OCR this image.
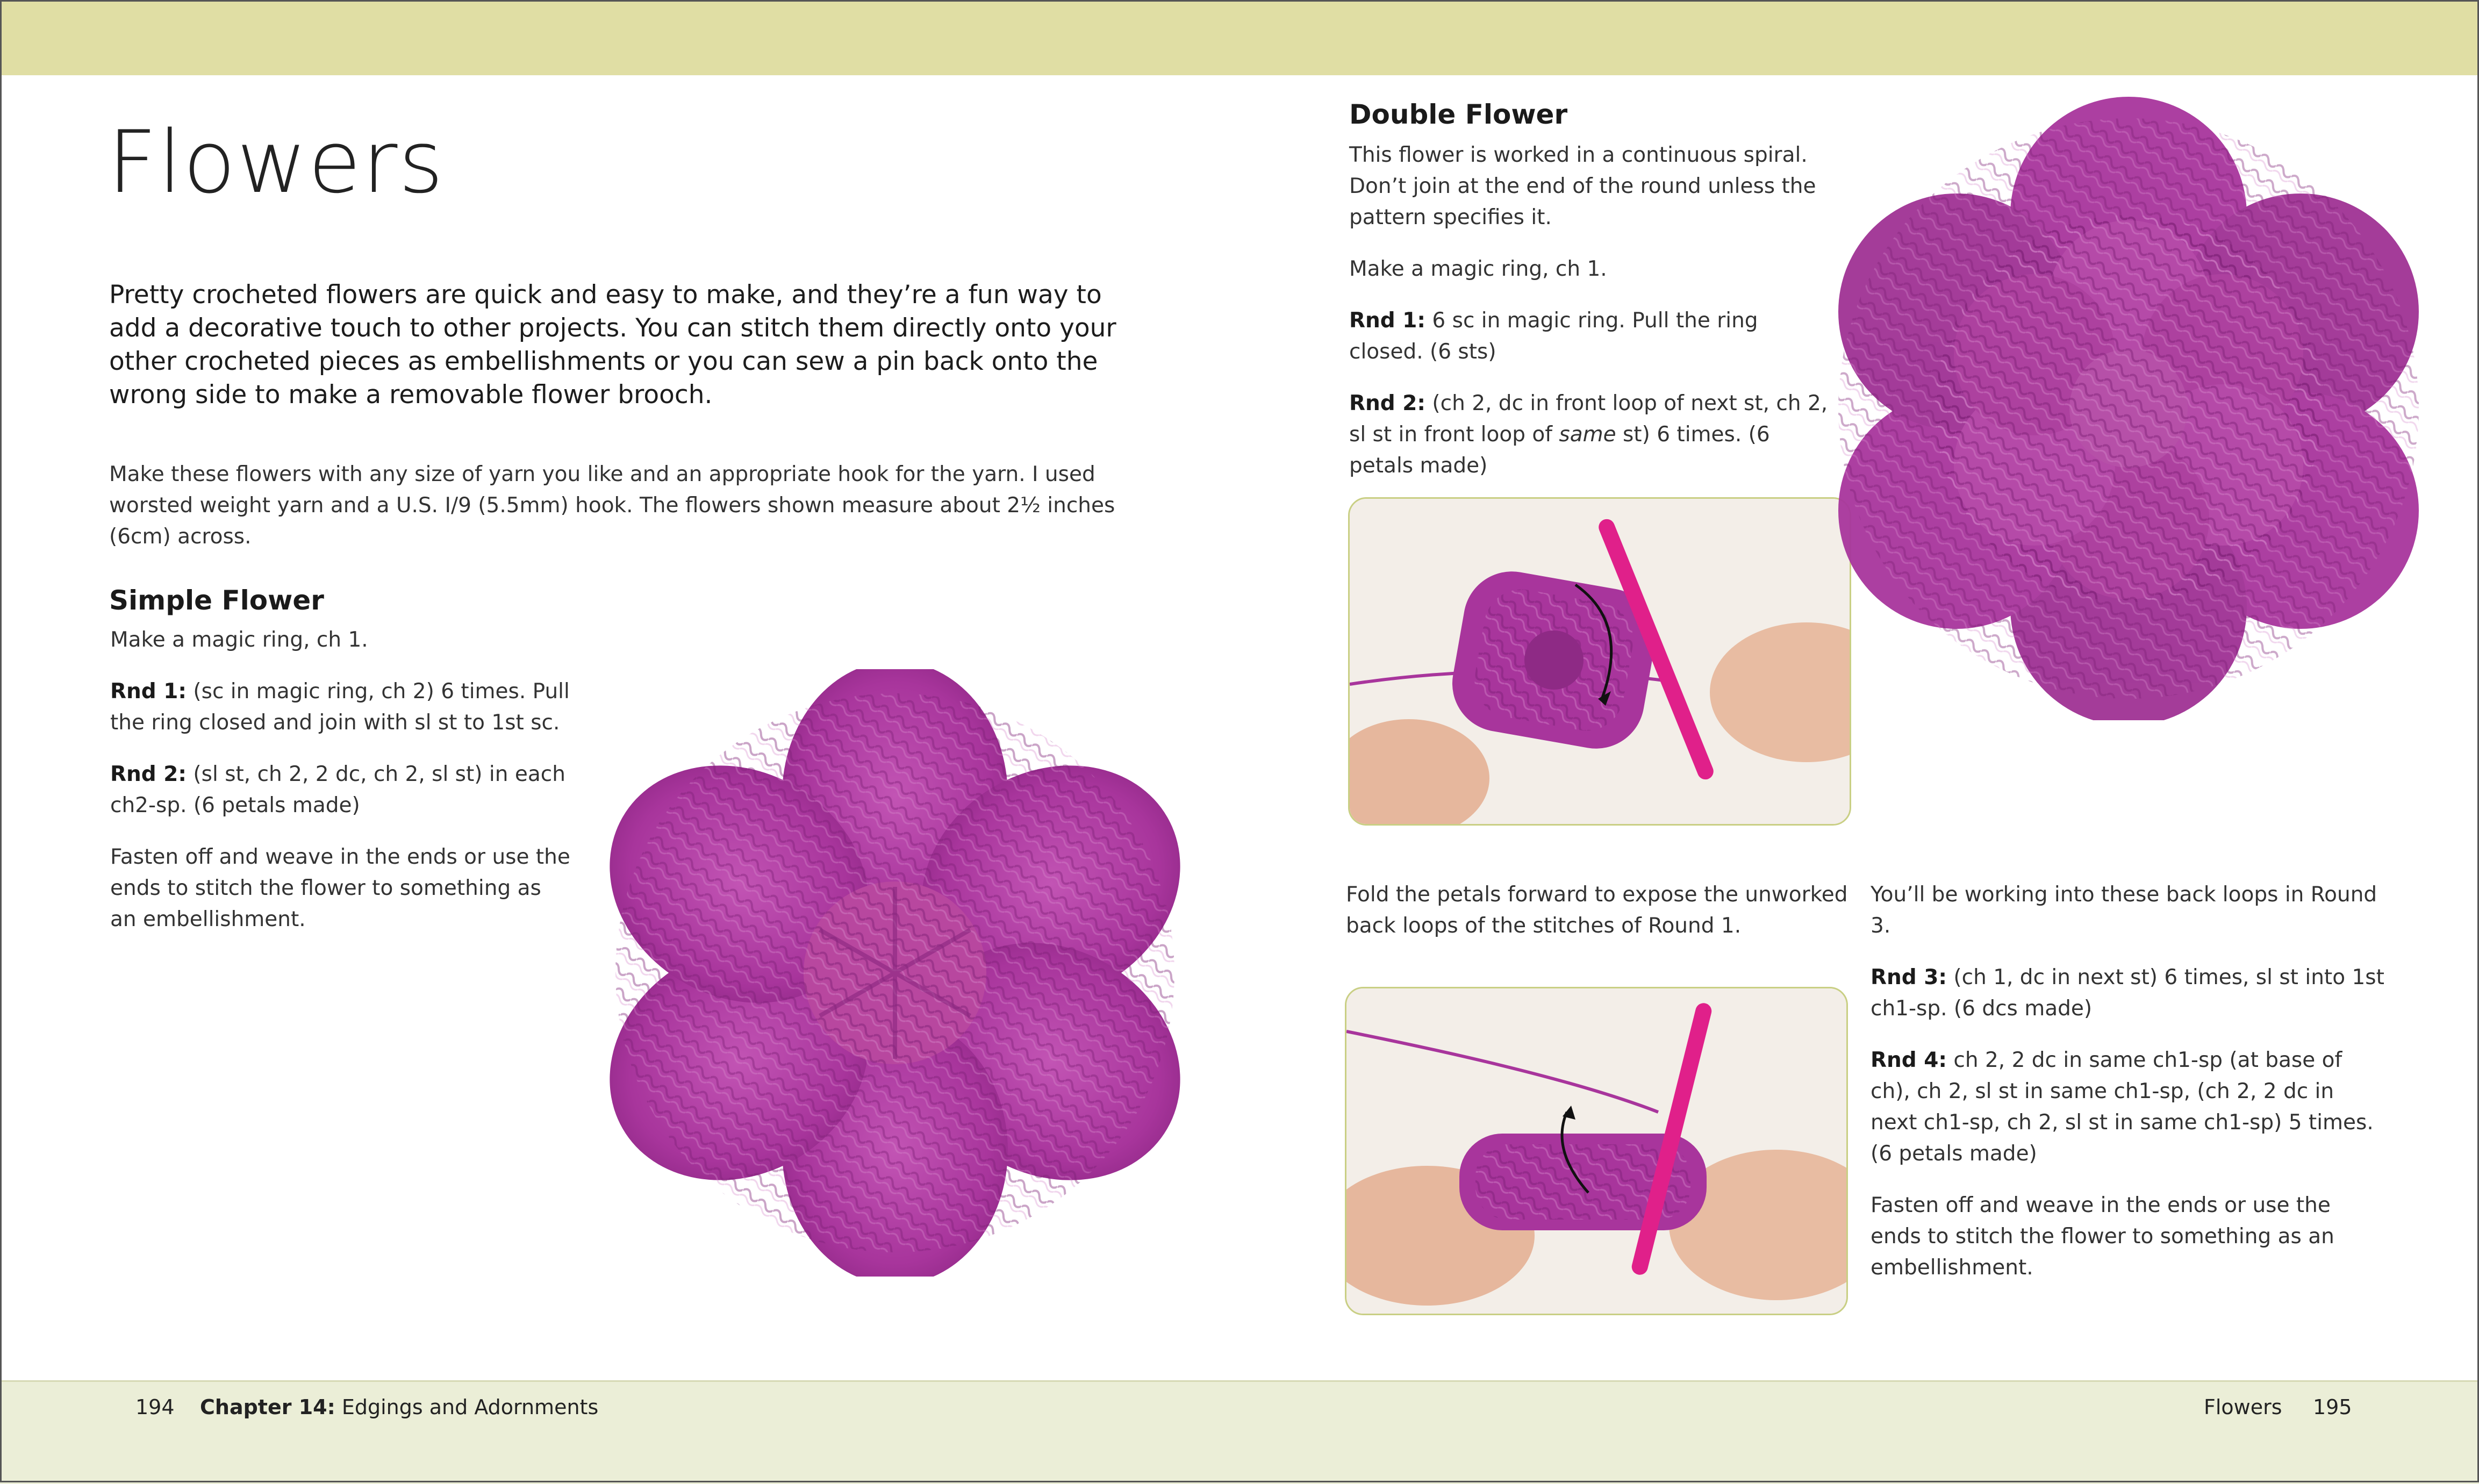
Flowers

Pretty crocheted flowers are quick and easy to make, and they’re a fun way to add a decorative touch to other projects. You can stitch them directly onto your other crocheted pieces as embellishments or you can sew a pin back onto the wrong side to make a removable flower brooch.

Make these flowers with any size of yarn you like and an appropriate hook for the yarn. I used worsted weight yarn and a U.S. I/9 (5.5mm) hook. The flowers shown measure about 2½ inches (6cm) across.

Simple Flower

Make a magic ring, ch 1.

Rnd 1: (sc in magic ring, ch 2) 6 times. Pull the ring closed and join with sl st to 1st sc.

Rnd 2: (sl st, ch 2, 2 dc, ch 2, sl st) in each ch2-sp. (6 petals made)

Fasten off and weave in the ends or use the ends to stitch the flower to something as an embellishment.

Double Flower

This flower is worked in a continuous spiral. Don’t join at the end of the round unless the pattern specifies it.

Make a magic ring, ch 1.

Rnd 1: 6 sc in magic ring. Pull the ring closed. (6 sts)

Rnd 2: (ch 2, dc in front loop of next st, ch 2, sl st in front loop of same st) 6 times. (6 petals made)

Fold the petals forward to expose the unworked back loops of the stitches of Round 1.

You’ll be working into these back loops in Round 3.

Rnd 3: (ch 1, dc in next st) 6 times, sl st into 1st ch1-sp. (6 dcs made)

Rnd 4: ch 2, 2 dc in same ch1-sp (at base of ch), ch 2, sl st in same ch1-sp, (ch 2, 2 dc in next ch1-sp, ch 2, sl st in same ch1-sp) 5 times. (6 petals made)

Fasten off and weave in the ends or use the ends to stitch the flower to something as an embellishment.

194 Chapter 14: Edgings and Adornments	Flowers 195
